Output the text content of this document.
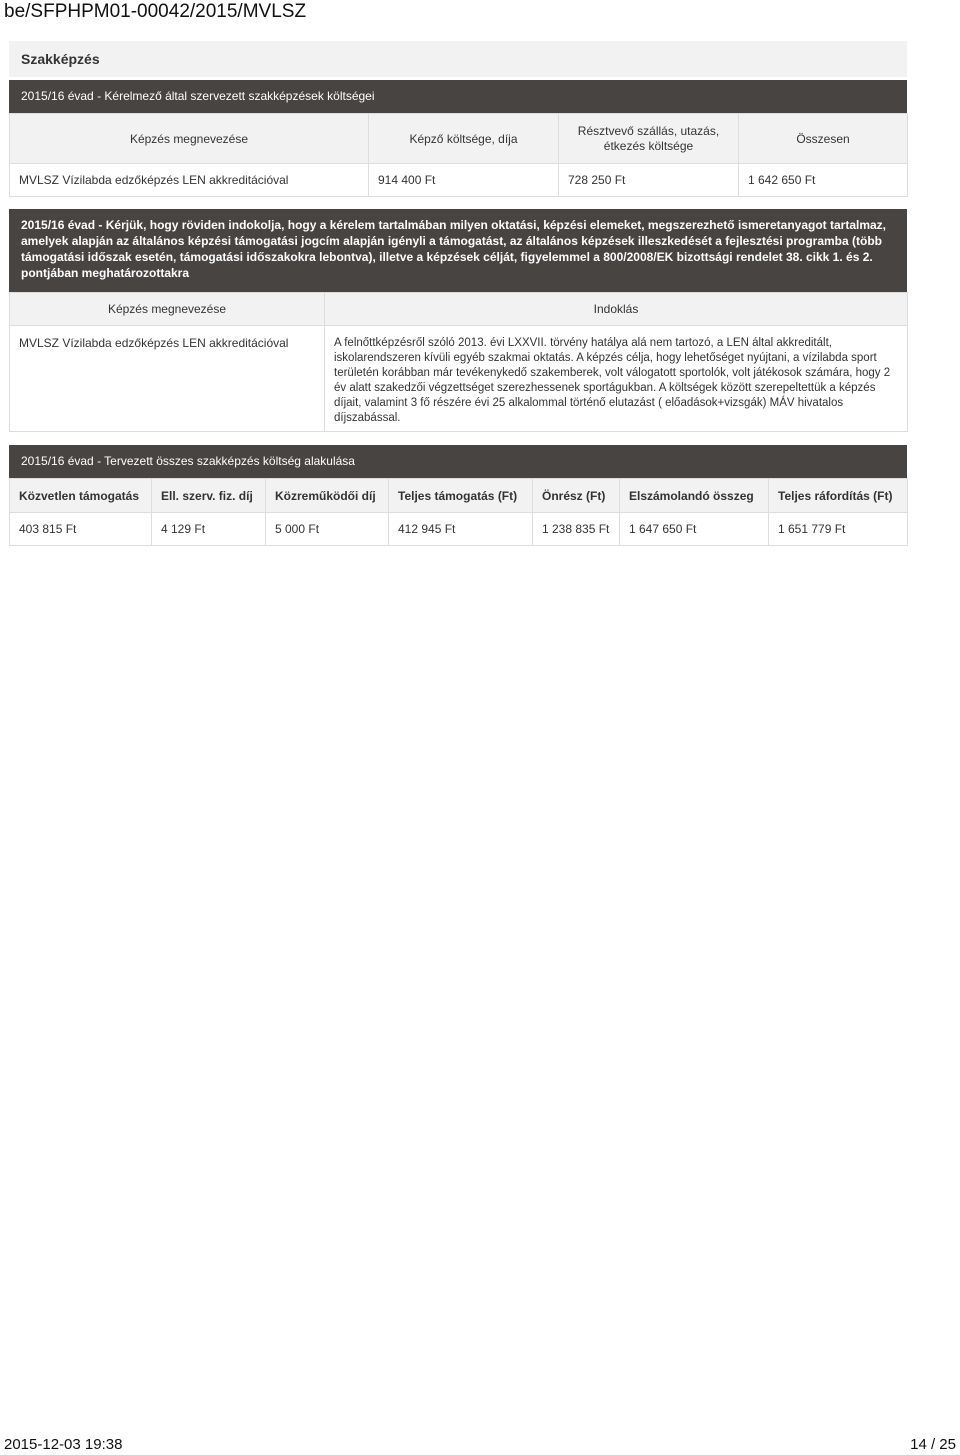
be/SFPHPM01-00042/2015/MVLSZ
Szakképzés
2015/16 évad - Kérelmező által szervezett szakképzések költségei
Képzés megnevezése	Képző költsége, díja	Résztvevő szállás, utazás, étkezés költsége	Összesen
MVLSZ Vízilabda edzőképzés LEN akkreditációval	914 400 Ft	728 250 Ft	1 642 650 Ft
2015/16 évad - Kérjük, hogy röviden indokolja, hogy a kérelem tartalmában milyen oktatási, képzési elemeket, megszerezhető ismeretanyagot tartalmaz, amelyek alapján az általános képzési támogatási jogcím alapján igényli a támogatást, az általános képzések illeszkedését a fejlesztési programba (több támogatási időszak esetén, támogatási időszakokra lebontva), illetve a képzések célját, figyelemmel a 800/2008/EK bizottsági rendelet 38. cikk 1. és 2. pontjában meghatározottakra
Képzés megnevezése	Indoklás
MVLSZ Vízilabda edzőképzés LEN akkreditációval	A felnőttképzésről szóló 2013. évi LXXVII. törvény hatálya alá nem tartozó, a LEN által akkreditált, iskolarendszeren kívüli egyéb szakmai oktatás. A képzés célja, hogy lehetőséget nyújtani, a vízilabda sport területén korábban már tevékenykedő szakemberek, volt válogatott sportolók, volt játékosok számára, hogy 2 év alatt szakedzői végzettséget szerezhessenek sportágukban. A költségek között szerepeltettük a képzés díjait, valamint 3 fő részére évi 25 alkalommal történő elutazást ( előadások+vizsgák) MÁV hivatalos díjszabással.
2015/16 évad - Tervezett összes szakképzés költség alakulása
Közvetlen támogatás	Ell. szerv. fiz. díj	Közreműködői díj	Teljes támogatás (Ft)	Önrész (Ft)	Elszámolandó összeg	Teljes ráfordítás (Ft)
403 815 Ft	4 129 Ft	5 000 Ft	412 945 Ft	1 238 835 Ft	1 647 650 Ft	1 651 779 Ft
2015-12-03 19:38	14 / 25
